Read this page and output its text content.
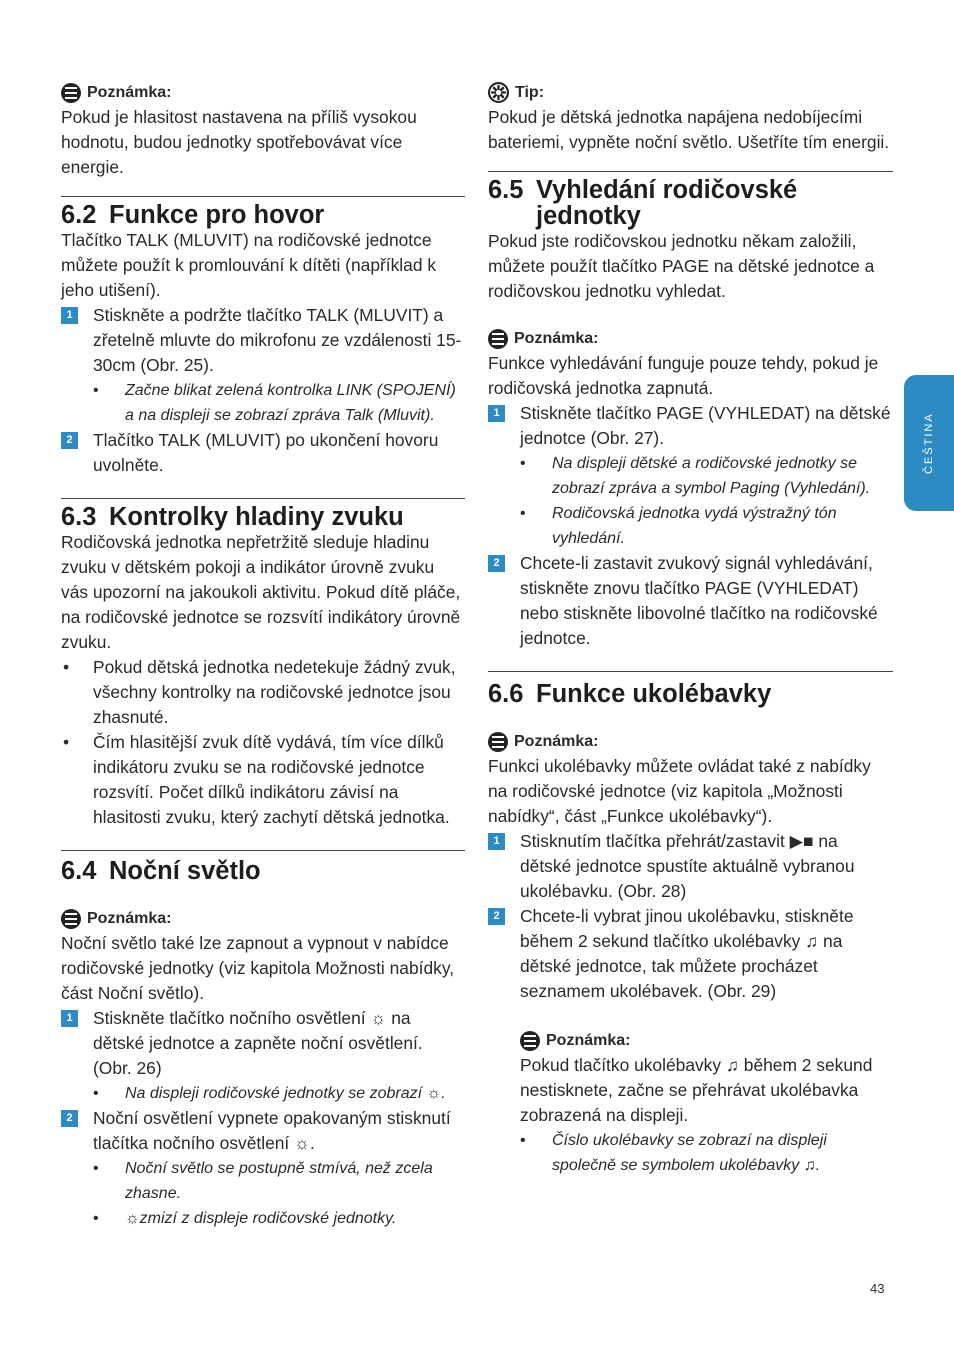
Poznámka:

Pokud je hlasitost nastavena na příliš vysokou hodnotu, budou jednotky spotřebovávat více energie.

6.2 Funkce pro hovor

Tlačítko TALK (MLUVIT) na rodičovské jednotce můžete použít k promlouvání k dítěti (například k jeho utišení).

1	Stiskněte a podržte tlačítko TALK (MLUVIT) a zřetelně mluvte do mikrofonu ze vzdálenosti 15-30cm (Obr. 25).
• Začne blikat zelená kontrolka LINK (SPOJENÍ) a na displeji se zobrazí zpráva Talk (Mluvit).
2	Tlačítko TALK (MLUVIT) po ukončení hovoru uvolněte.
6.3 Kontrolky hladiny zvuku

Rodičovská jednotka nepřetržitě sleduje hladinu zvuku v dětském pokoji a indikátor úrovně zvuku vás upozorní na jakoukoli aktivitu. Pokud dítě pláče, na rodičovské jednotce se rozsvítí indikátory úrovně zvuku.

• Pokud dětská jednotka nedetekuje žádný zvuk, všechny kontrolky na rodičovské jednotce jsou zhasnuté.
• Čím hlasitější zvuk dítě vydává, tím více dílků indikátoru zvuku se na rodičovské jednotce rozsvítí. Počet dílků indikátoru závisí na hlasitosti zvuku, který zachytí dětská jednotka.
6.4 Noční světlo
Poznámka:

Noční světlo také lze zapnout a vypnout v nabídce rodičovské jednotky (viz kapitola Možnosti nabídky, část Noční světlo).

1	Stiskněte tlačítko nočního osvětlení ☼ na dětské jednotce a zapněte noční osvětlení. (Obr. 26)
• Na displeji rodičovské jednotky se zobrazí ☼.
2	Noční osvětlení vypnete opakovaným stisknutí tlačítka nočního osvětlení ☼.
• Noční světlo se postupně stmívá, než zcela zhasne.
• ☼zmizí z displeje rodičovské jednotky.
Tip:

Pokud je dětská jednotka napájena nedobíjecími bateriemi, vypněte noční světlo. Ušetříte tím energii.

6.5 Vyhledání rodičovské
jednotky

Pokud jste rodičovskou jednotku někam založili, můžete použít tlačítko PAGE na dětské jednotce a rodičovskou jednotku vyhledat.

Poznámka:

Funkce vyhledávání funguje pouze tehdy, pokud je rodičovská jednotka zapnutá.

1	Stiskněte tlačítko PAGE (VYHLEDAT) na dětské jednotce (Obr. 27).
• Na displeji dětské a rodičovské jednotky se zobrazí zpráva a symbol Paging (Vyhledání).
• Rodičovská jednotka vydá výstražný tón vyhledání.
2	Chcete-li zastavit zvukový signál vyhledávání, stiskněte znovu tlačítko PAGE (VYHLEDAT) nebo stiskněte libovolné tlačítko na rodičovské jednotce.
6.6 Funkce ukolébavky
Poznámka:

Funkci ukolébavky můžete ovládat také z nabídky na rodičovské jednotce (viz kapitola „Možnosti nabídky“, část „Funkce ukolébavky“).

1	Stisknutím tlačítka přehrát/zastavit ▶■ na dětské jednotce spustíte aktuálně vybranou ukolébavku. (Obr. 28)
2	Chcete-li vybrat jinou ukolébavku, stiskněte během 2 sekund tlačítko ukolébavky ♫ na dětské jednotce, tak můžete procházet seznamem ukolébavek. (Obr. 29)
Poznámka:

Pokud tlačítko ukolébavky ♫ během 2 sekund nestisknete, začne se přehrávat ukolébavka zobrazená na displeji.

• Číslo ukolébavky se zobrazí na displeji společně se symbolem ukolébavky ♫.
ČEŠTINA
43
